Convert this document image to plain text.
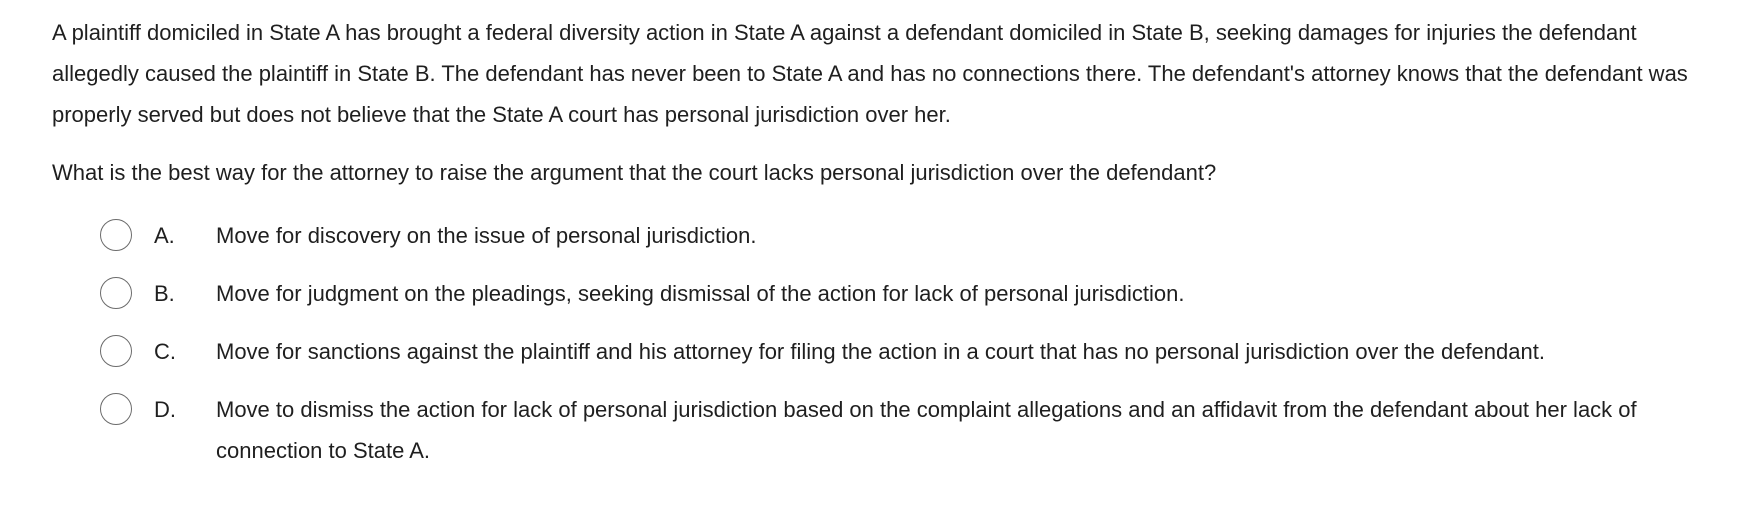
A plaintiff domiciled in State A has brought a federal diversity action in State A against a defendant domiciled in State B, seeking damages for injuries the defendant allegedly caused the plaintiff in State B. The defendant has never been to State A and has no connections there. The defendant's attorney knows that the defendant was properly served but does not believe that the State A court has personal jurisdiction over her.

What is the best way for the attorney to raise the argument that the court lacks personal jurisdiction over the defendant?

A.	Move for discovery on the issue of personal jurisdiction.
B.	Move for judgment on the pleadings, seeking dismissal of the action for lack of personal jurisdiction.
C.	Move for sanctions against the plaintiff and his attorney for filing the action in a court that has no personal jurisdiction over the defendant.
D.	Move to dismiss the action for lack of personal jurisdiction based on the complaint allegations and an affidavit from the defendant about her lack of connection to State A.
